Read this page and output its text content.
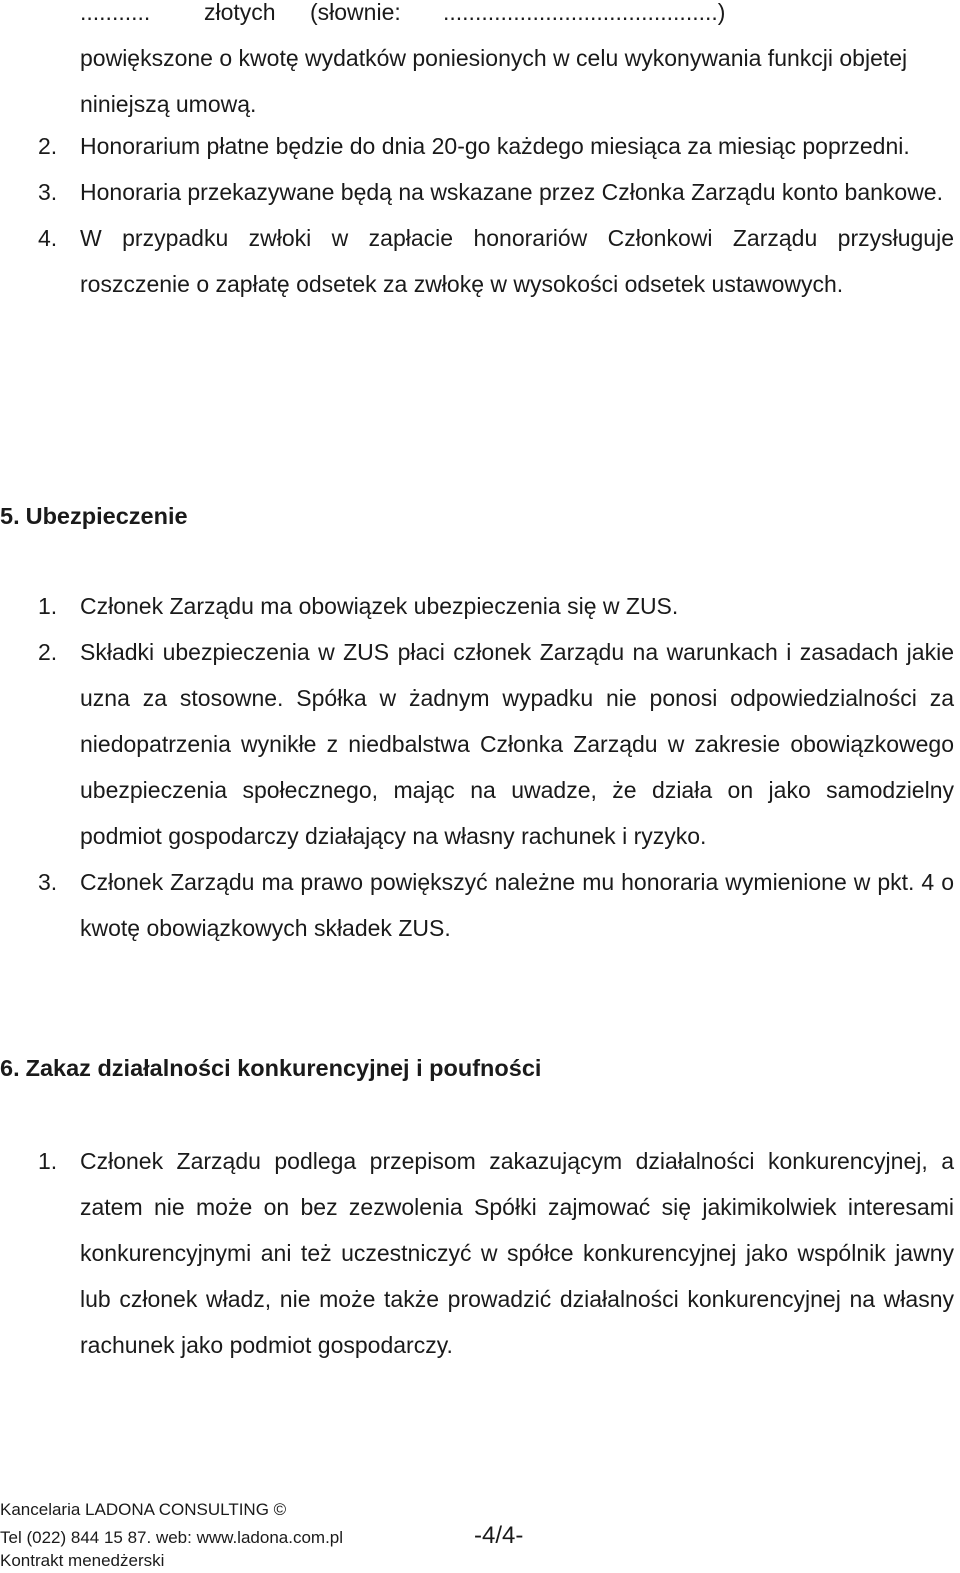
........... złotych (słownie: ...........................................)
powiększone o kwotę wydatków poniesionych w celu wykonywania funkcji objetej niniejszą umową.
2. Honorarium płatne będzie do dnia 20-go każdego miesiąca za miesiąc poprzedni.
3. Honoraria przekazywane będą na wskazane przez Członka Zarządu konto bankowe.
4. W przypadku zwłoki w zapłacie honorariów Członkowi Zarządu przysługuje roszczenie o zapłatę odsetek za zwłokę w wysokości odsetek ustawowych.
5. Ubezpieczenie
1. Członek Zarządu ma obowiązek ubezpieczenia się w ZUS.
2. Składki ubezpieczenia w ZUS płaci członek Zarządu na warunkach i zasadach jakie uzna za stosowne. Spółka w żadnym wypadku nie ponosi odpowiedzialności za niedopatrzenia wynikłe z niedbalstwa Członka Zarządu w zakresie obowiązkowego ubezpieczenia społecznego, mając na uwadze, że działa on jako samodzielny podmiot gospodarczy działający na własny rachunek i ryzyko.
3. Członek Zarządu ma prawo powiększyć należne mu honoraria wymienione w pkt. 4 o kwotę obowiązkowych składek ZUS.
6. Zakaz działalności konkurencyjnej i poufności
1. Członek Zarządu podlega przepisom zakazującym działalności konkurencyjnej, a zatem nie może on bez zezwolenia Spółki zajmować się jakimikolwiek interesami konkurencyjnymi ani też uczestniczyć w spółce konkurencyjnej jako wspólnik jawny lub członek władz, nie może także prowadzić działalności konkurencyjnej na własny rachunek jako podmiot gospodarczy.
Kancelaria LADONA CONSULTING ©
Tel (022) 844 15 87. web: www.ladona.com.pl
Kontrakt menedżerski
-4/4-
